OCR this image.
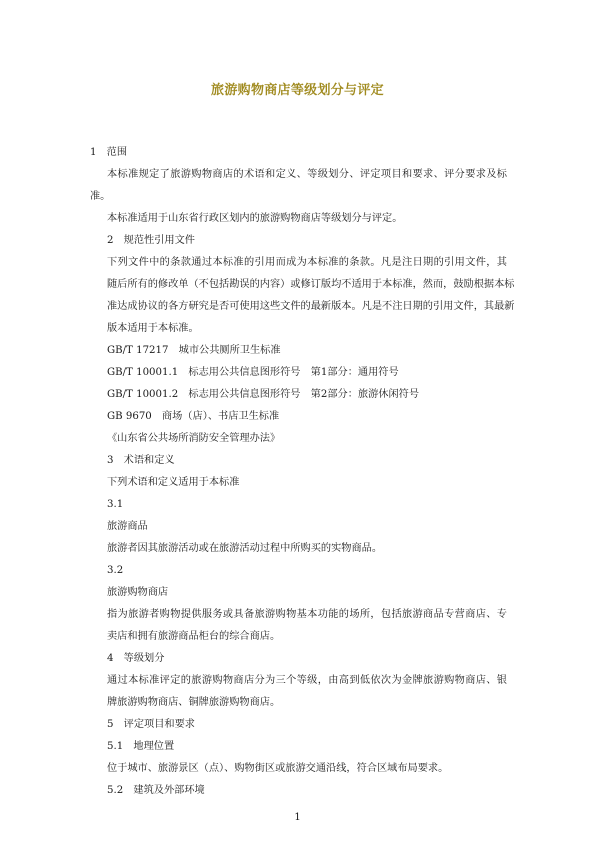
旅游购物商店等级划分与评定
1　范围
本标准规定了旅游购物商店的术语和定义、等级划分、评定项目和要求、评分要求及标
准。
本标准适用于山东省行政区划内的旅游购物商店等级划分与评定。
2　规范性引用文件
下列文件中的条款通过本标准的引用而成为本标准的条款。凡是注日期的引用文件，其
随后所有的修改单（不包括勘误的内容）或修订版均不适用于本标准，然而，鼓励根据本标
准达成协议的各方研究是否可使用这些文件的最新版本。凡是不注日期的引用文件，其最新
版本适用于本标准。
GB/T 17217　城市公共厕所卫生标准
GB/T 10001.1　标志用公共信息图形符号　第1部分：通用符号
GB/T 10001.2　标志用公共信息图形符号　第2部分：旅游休闲符号
GB 9670　商场（店）、书店卫生标准
《山东省公共场所消防安全管理办法》
3　术语和定义
下列术语和定义适用于本标准
3.1
旅游商品
旅游者因其旅游活动或在旅游活动过程中所购买的实物商品。
3.2
旅游购物商店
指为旅游者购物提供服务或具备旅游购物基本功能的场所，包括旅游商品专营商店、专
卖店和拥有旅游商品柜台的综合商店。
4　等级划分
通过本标准评定的旅游购物商店分为三个等级，由高到低依次为金牌旅游购物商店、银
牌旅游购物商店、铜牌旅游购物商店。
5　评定项目和要求
5.1　地理位置
位于城市、旅游景区（点）、购物街区或旅游交通沿线，符合区域布局要求。
5.2　建筑及外部环境
1
